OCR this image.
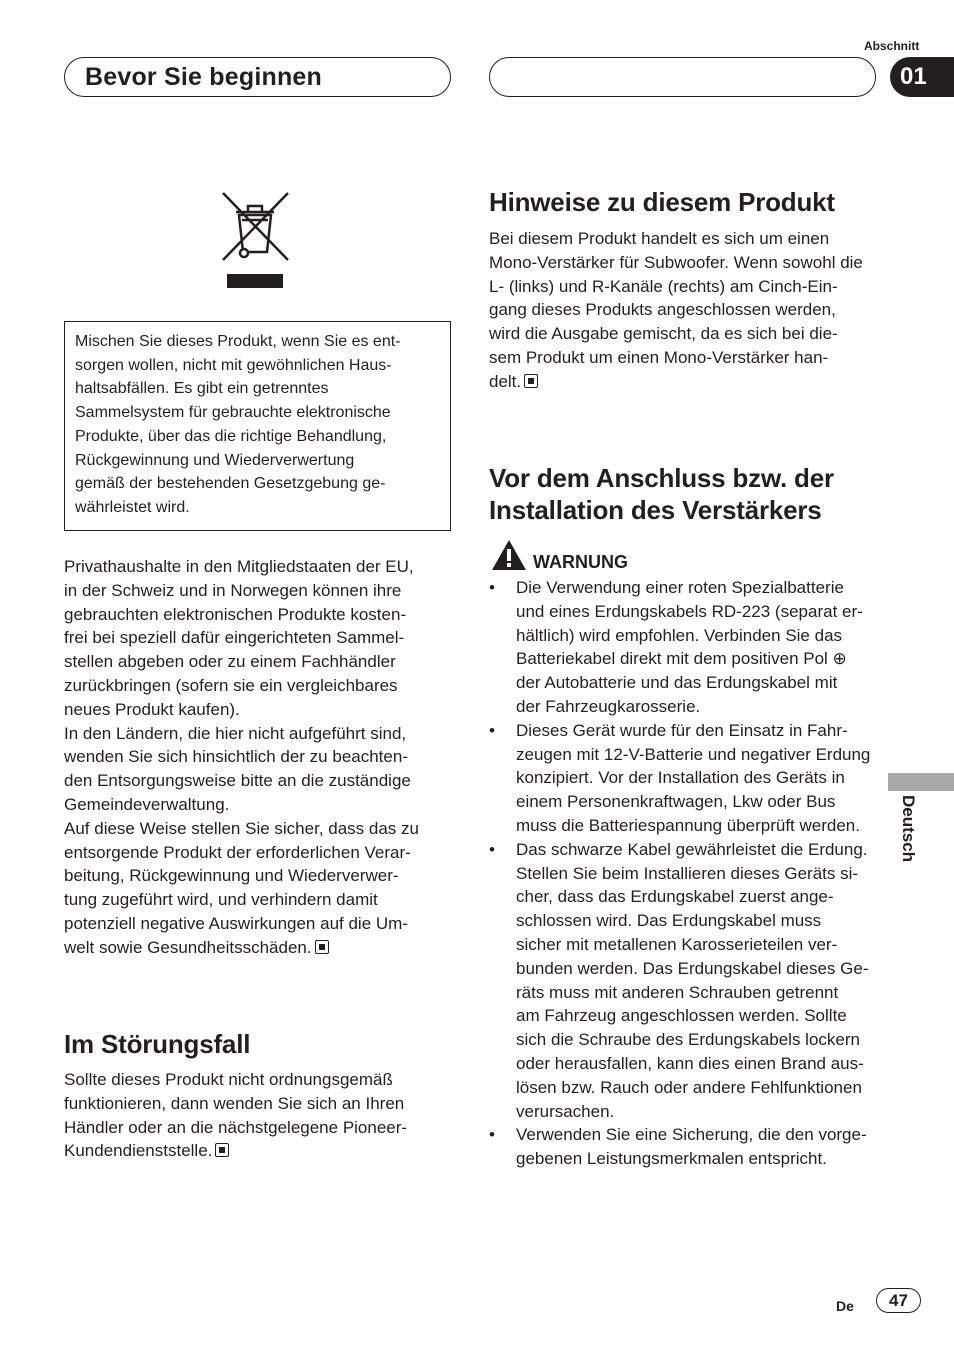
Bevor Sie beginnen
Abschnitt
01
Mischen Sie dieses Produkt, wenn Sie es ent-
sorgen wollen, nicht mit gewöhnlichen Haus-
haltsabfällen. Es gibt ein getrenntes
Sammelsystem für gebrauchte elektronische
Produkte, über das die richtige Behandlung,
Rückgewinnung und Wiederverwertung
gemäß der bestehenden Gesetzgebung ge-
währleistet wird.
Privathaushalte in den Mitgliedstaaten der EU,
in der Schweiz und in Norwegen können ihre
gebrauchten elektronischen Produkte kosten-
frei bei speziell dafür eingerichteten Sammel-
stellen abgeben oder zu einem Fachhändler
zurückbringen (sofern sie ein vergleichbares
neues Produkt kaufen).
In den Ländern, die hier nicht aufgeführt sind,
wenden Sie sich hinsichtlich der zu beachten-
den Entsorgungsweise bitte an die zuständige
Gemeindeverwaltung.
Auf diese Weise stellen Sie sicher, dass das zu
entsorgende Produkt der erforderlichen Verar-
beitung, Rückgewinnung und Wiederverwer-
tung zugeführt wird, und verhindern damit
potenziell negative Auswirkungen auf die Um-
welt sowie Gesundheitsschäden.
Im Störungsfall
Sollte dieses Produkt nicht ordnungsgemäß
funktionieren, dann wenden Sie sich an Ihren
Händler oder an die nächstgelegene Pioneer-
Kundendienststelle.
Hinweise zu diesem Produkt
Bei diesem Produkt handelt es sich um einen
Mono-Verstärker für Subwoofer. Wenn sowohl die
L- (links) und R-Kanäle (rechts) am Cinch-Ein-
gang dieses Produkts angeschlossen werden,
wird die Ausgabe gemischt, da es sich bei die-
sem Produkt um einen Mono-Verstärker han-
delt.
Vor dem Anschluss bzw. der
Installation des Verstärkers
WARNUNG
• Die Verwendung einer roten Spezialbatterie
und eines Erdungskabels RD-223 (separat er-
hältlich) wird empfohlen. Verbinden Sie das
Batteriekabel direkt mit dem positiven Pol ⊕
der Autobatterie und das Erdungskabel mit
der Fahrzeugkarosserie.
• Dieses Gerät wurde für den Einsatz in Fahr-
zeugen mit 12-V-Batterie und negativer Erdung
konzipiert. Vor der Installation des Geräts in
einem Personenkraftwagen, Lkw oder Bus
muss die Batteriespannung überprüft werden.
• Das schwarze Kabel gewährleistet die Erdung.
Stellen Sie beim Installieren dieses Geräts si-
cher, dass das Erdungskabel zuerst ange-
schlossen wird. Das Erdungskabel muss
sicher mit metallenen Karosserieteilen ver-
bunden werden. Das Erdungskabel dieses Ge-
räts muss mit anderen Schrauben getrennt
am Fahrzeug angeschlossen werden. Sollte
sich die Schraube des Erdungskabels lockern
oder herausfallen, kann dies einen Brand aus-
lösen bzw. Rauch oder andere Fehlfunktionen
verursachen.
• Verwenden Sie eine Sicherung, die den vorge-
gebenen Leistungsmerkmalen entspricht.
Deutsch
De	47
